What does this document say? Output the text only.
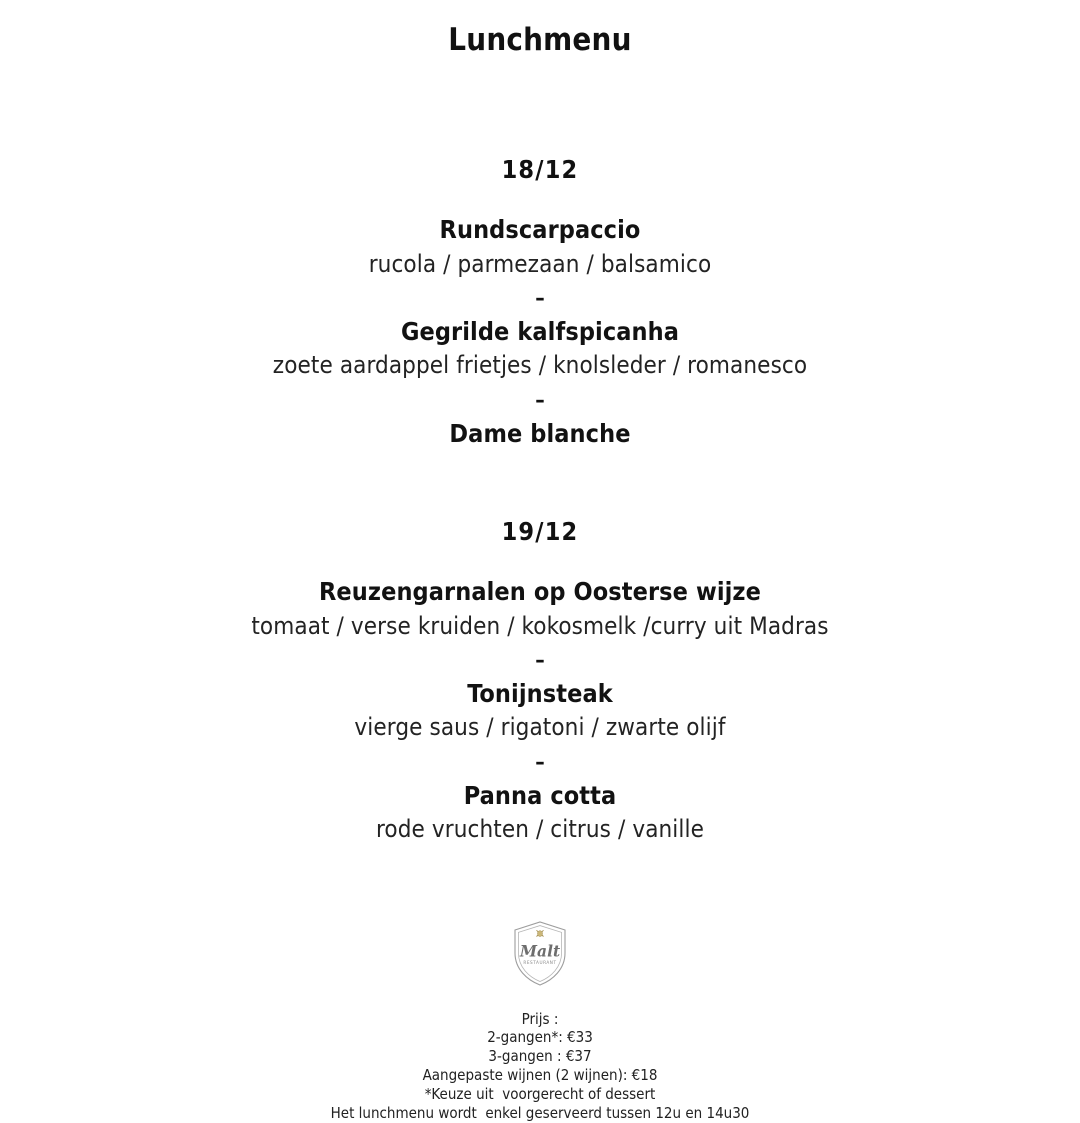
Lunchmenu
18/12
Rundscarpaccio
rucola / parmezaan / balsamico
–
Gegrilde kalfspicanha
zoete aardappel frietjes / knolsleder / romanesco
–
Dame blanche
19/12
Reuzengarnalen op Oosterse wijze
tomaat / verse kruiden / kokosmelk /curry uit Madras
–
Tonijnsteak
vierge saus / rigatoni / zwarte olijf
–
Panna cotta
rode vruchten / citrus / vanille
Malt
RESTAURANT
Prijs :
2-gangen*: €33
3-gangen : €37
Aangepaste wijnen (2 wijnen): €18
*Keuze uit  voorgerecht of dessert
Het lunchmenu wordt  enkel geserveerd tussen 12u en 14u30
